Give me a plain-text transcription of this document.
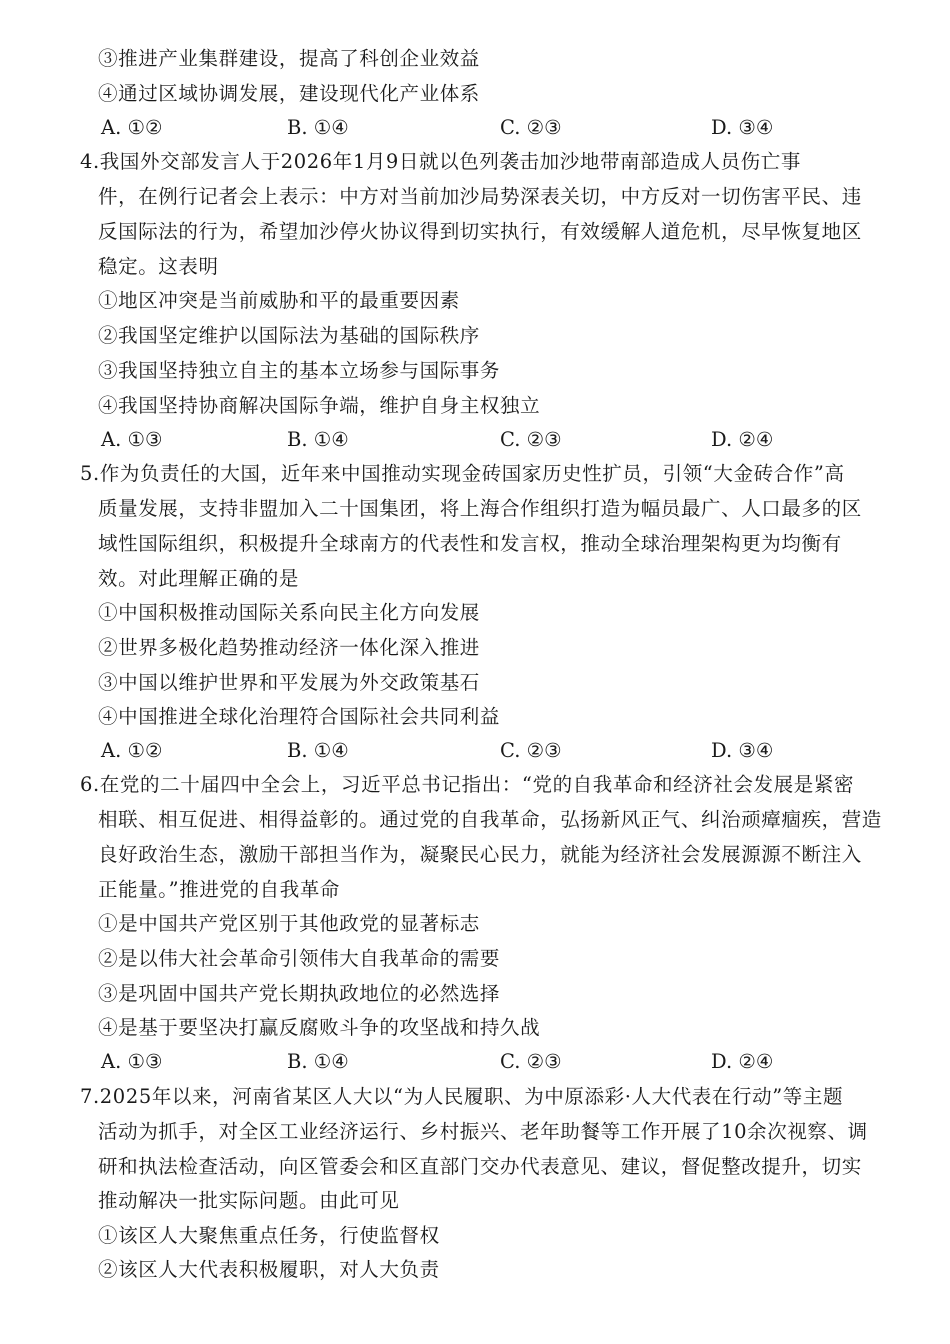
③推进产业集群建设，提高了科创企业效益
④通过区域协调发展，建设现代化产业体系
A. ①②	B. ①④	C. ②③	D. ③④
4.我国外交部发言人于2026年1月9日就以色列袭击加沙地带南部造成人员伤亡事
件，在例行记者会上表示：中方对当前加沙局势深表关切，中方反对一切伤害平民、违
反国际法的行为，希望加沙停火协议得到切实执行，有效缓解人道危机，尽早恢复地区
稳定。这表明
①地区冲突是当前威胁和平的最重要因素
②我国坚定维护以国际法为基础的国际秩序
③我国坚持独立自主的基本立场参与国际事务
④我国坚持协商解决国际争端，维护自身主权独立
A. ①③	B. ①④	C. ②③	D. ②④
5.作为负责任的大国，近年来中国推动实现金砖国家历史性扩员，引领“大金砖合作”高
质量发展，支持非盟加入二十国集团，将上海合作组织打造为幅员最广、人口最多的区
域性国际组织，积极提升全球南方的代表性和发言权，推动全球治理架构更为均衡有
效。对此理解正确的是
①中国积极推动国际关系向民主化方向发展
②世界多极化趋势推动经济一体化深入推进
③中国以维护世界和平发展为外交政策基石
④中国推进全球化治理符合国际社会共同利益
A. ①②	B. ①④	C. ②③	D. ③④
6.在党的二十届四中全会上，习近平总书记指出：“党的自我革命和经济社会发展是紧密
相联、相互促进、相得益彰的。通过党的自我革命，弘扬新风正气、纠治顽瘴痼疾，营造
良好政治生态，激励干部担当作为，凝聚民心民力，就能为经济社会发展源源不断注入
正能量。”推进党的自我革命
①是中国共产党区别于其他政党的显著标志
②是以伟大社会革命引领伟大自我革命的需要
③是巩固中国共产党长期执政地位的必然选择
④是基于要坚决打赢反腐败斗争的攻坚战和持久战
A. ①③	B. ①④	C. ②③	D. ②④
7.2025年以来，河南省某区人大以“为人民履职、为中原添彩·人大代表在行动”等主题
活动为抓手，对全区工业经济运行、乡村振兴、老年助餐等工作开展了10余次视察、调
研和执法检查活动，向区管委会和区直部门交办代表意见、建议，督促整改提升，切实
推动解决一批实际问题。由此可见
①该区人大聚焦重点任务，行使监督权
②该区人大代表积极履职，对人大负责
